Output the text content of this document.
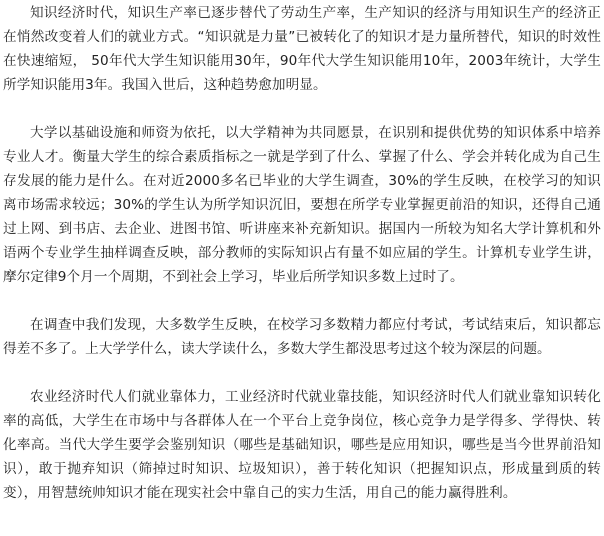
知识经济时代，知识生产率已逐步替代了劳动生产率，生产知识的经济与用知识生产的经济正在悄然改变着人们的就业方式。“知识就是力量”已被转化了的知识才是力量所替代，知识的时效性在快速缩短， 50年代大学生知识能用30年，90年代大学生知识能用10年，2003年统计，大学生所学知识能用3年。我国入世后，这种趋势愈加明显。

大学以基础设施和师资为依托，以大学精神为共同愿景，在识别和提供优势的知识体系中培养专业人才。衡量大学生的综合素质指标之一就是学到了什么、掌握了什么、学会并转化成为自己生存发展的能力是什么。在对近2000多名已毕业的大学生调查，30%的学生反映，在校学习的知识离市场需求较远；30%的学生认为所学知识沉旧，要想在所学专业掌握更前沿的知识，还得自己通过上网、到书店、去企业、进图书馆、听讲座来补充新知识。据国内一所较为知名大学计算机和外语两个专业学生抽样调查反映，部分教师的实际知识占有量不如应届的学生。计算机专业学生讲，摩尔定律9个月一个周期，不到社会上学习，毕业后所学知识多数上过时了。

在调查中我们发现，大多数学生反映，在校学习多数精力都应付考试，考试结束后，知识都忘得差不多了。上大学学什么，读大学读什么，多数大学生都没思考过这个较为深层的问题。

农业经济时代人们就业靠体力，工业经济时代就业靠技能，知识经济时代人们就业靠知识转化率的高低，大学生在市场中与各群体人在一个平台上竞争岗位，核心竞争力是学得多、学得快、转化率高。当代大学生要学会鉴别知识（哪些是基础知识，哪些是应用知识，哪些是当今世界前沿知识），敢于抛弃知识（筛掉过时知识、垃圾知识），善于转化知识（把握知识点，形成量到质的转变），用智慧统帅知识才能在现实社会中靠自己的实力生活，用自己的能力赢得胜利。
